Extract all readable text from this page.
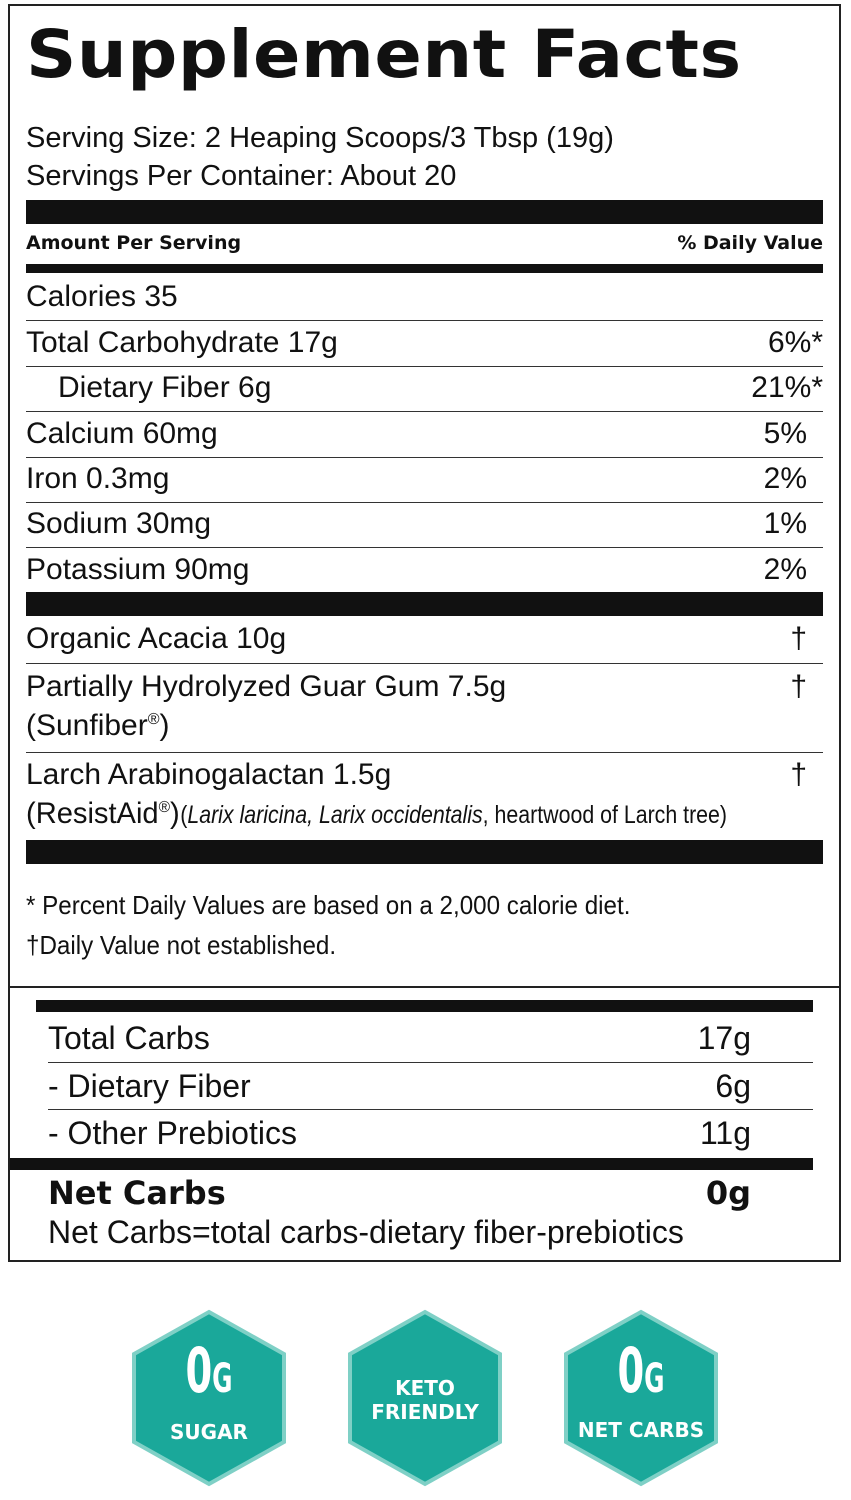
Supplement Facts
Serving Size: 2 Heaping Scoops/3 Tbsp (19g)
Servings Per Container: About 20
Amount Per Serving	% Daily Value
Calories 35
Total Carbohydrate 17g	6%*
Dietary Fiber 6g	21%*
Calcium 60mg	5%
Iron 0.3mg	2%
Sodium 30mg	1%
Potassium 90mg	2%
Organic Acacia 10g	†
Partially Hydrolyzed Guar Gum 7.5g	†
(Sunfiber®)
Larch Arabinogalactan 1.5g	†
(ResistAid®)(Larix laricina, Larix occidentalis, heartwood of Larch tree)
* Percent Daily Values are based on a 2,000 calorie diet.
†Daily Value not established.
Total Carbs	17g
- Dietary Fiber	6g
- Other Prebiotics	11g
Net Carbs	0g
Net Carbs=total carbs-dietary fiber-prebiotics
0G
SUGAR
KETO
FRIENDLY
0G
NET CARBS
